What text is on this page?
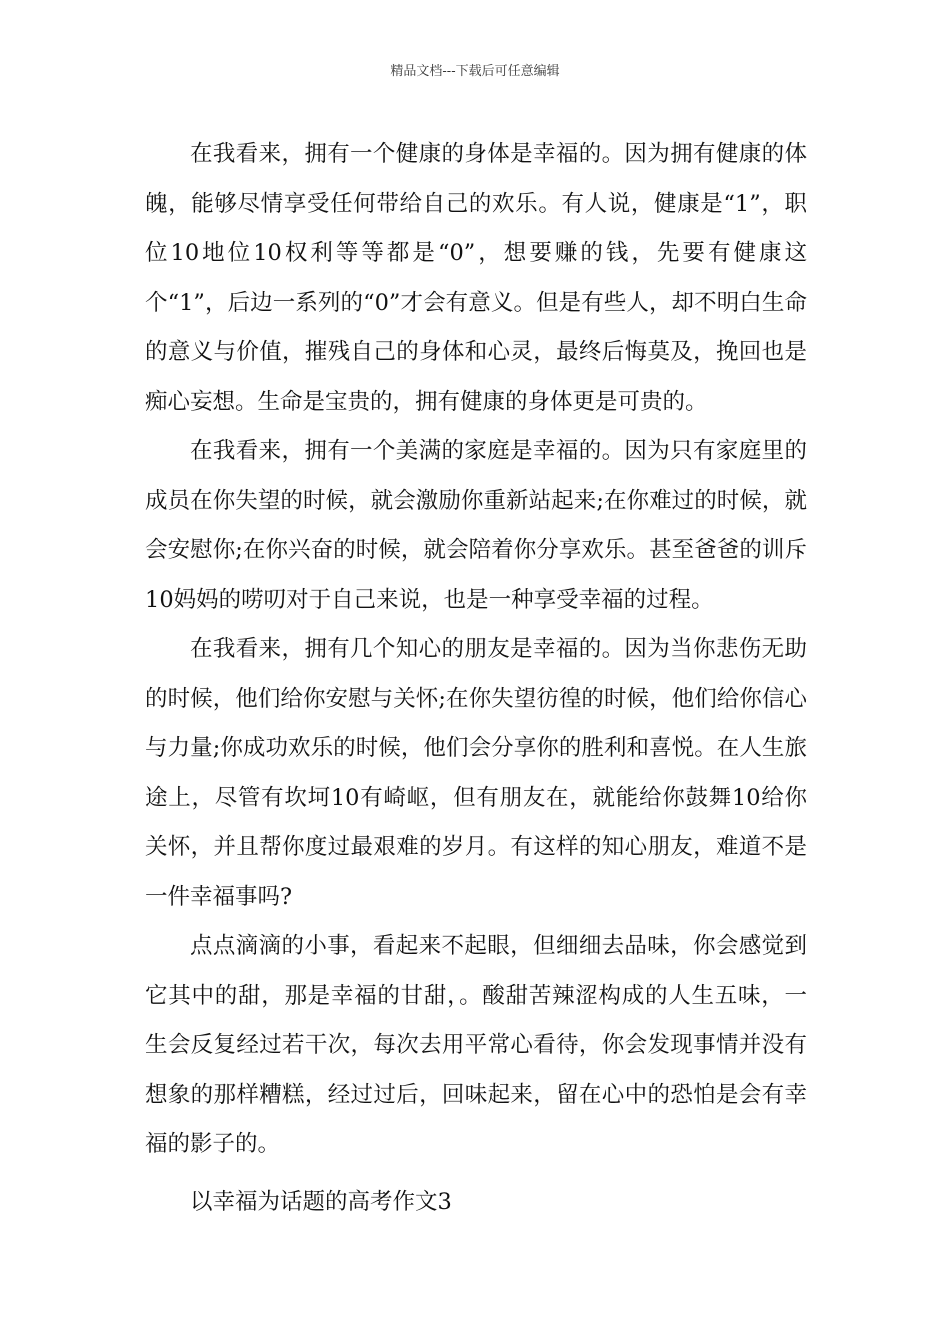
精品文档---下载后可任意编辑

在我看来，拥有一个健康的身体是幸福的。因为拥有健康的体魄，能够尽情享受任何带给自己的欢乐。有人说，健康是“1”，职位10地位10权利等等都是“0”，想要赚的钱，先要有健康这个“1”，后边一系列的“0”才会有意义。但是有些人，却不明白生命的意义与价值，摧残自己的身体和心灵，最终后悔莫及，挽回也是痴心妄想。生命是宝贵的，拥有健康的身体更是可贵的。

在我看来，拥有一个美满的家庭是幸福的。因为只有家庭里的成员在你失望的时候，就会激励你重新站起来;在你难过的时候，就会安慰你;在你兴奋的时候，就会陪着你分享欢乐。甚至爸爸的训斥10妈妈的唠叨对于自己来说，也是一种享受幸福的过程。

在我看来，拥有几个知心的朋友是幸福的。因为当你悲伤无助的时候，他们给你安慰与关怀;在你失望彷徨的时候，他们给你信心与力量;你成功欢乐的时候，他们会分享你的胜利和喜悦。在人生旅途上，尽管有坎坷10有崎岖，但有朋友在，就能给你鼓舞10给你关怀，并且帮你度过最艰难的岁月。有这样的知心朋友，难道不是一件幸福事吗?

点点滴滴的小事，看起来不起眼，但细细去品味，你会感觉到它其中的甜，那是幸福的甘甜，。酸甜苦辣涩构成的人生五味，一生会反复经过若干次，每次去用平常心看待，你会发现事情并没有想象的那样糟糕，经过过后，回味起来，留在心中的恐怕是会有幸福的影子的。

以幸福为话题的高考作文3
